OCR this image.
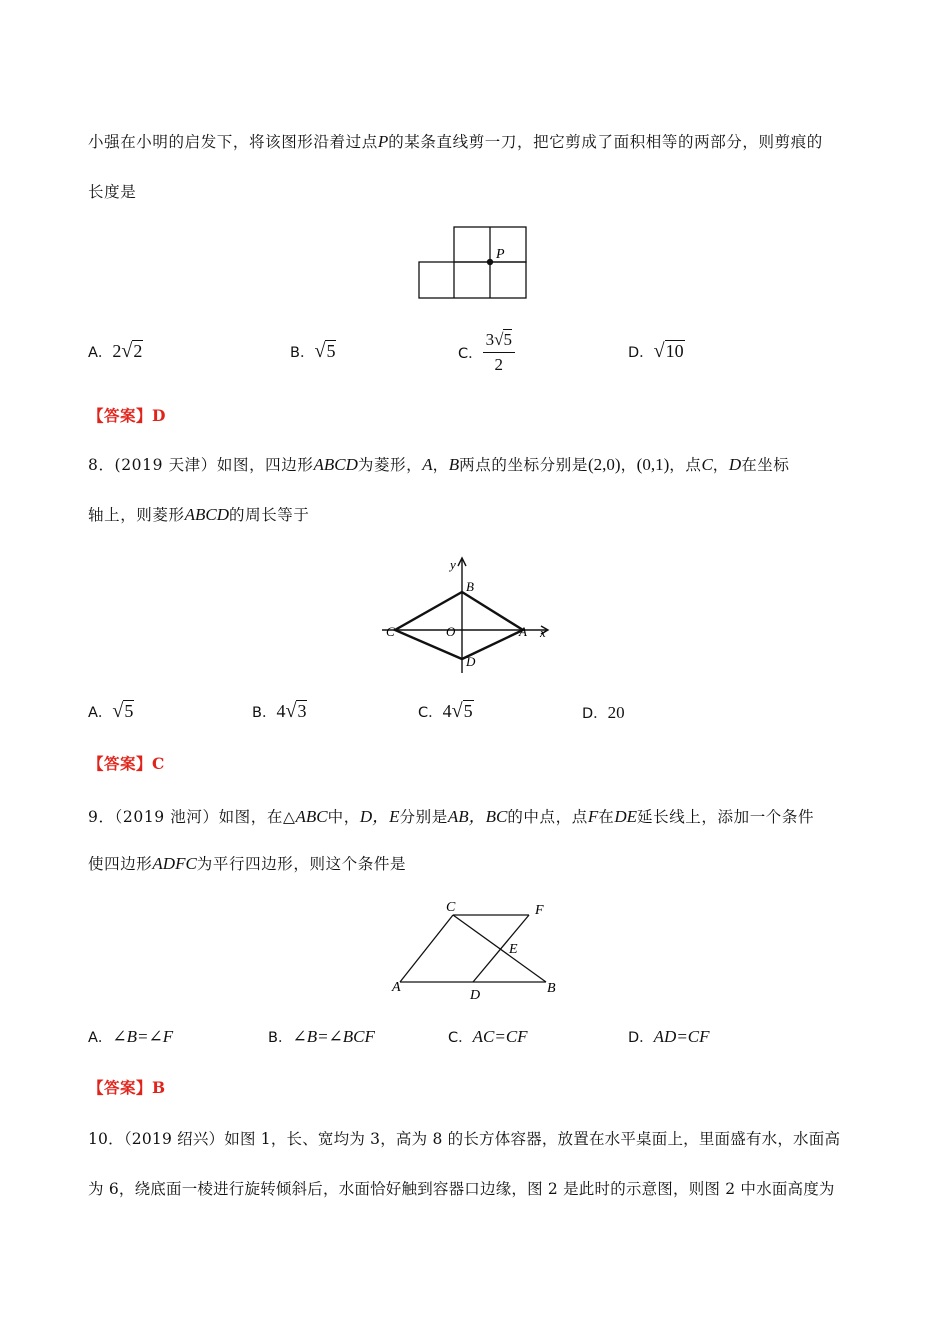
小强在小明的启发下，将该图形沿着过点P的某条直线剪一刀，把它剪成了面积相等的两部分，则剪痕的
长度是
P
A．2√2	B．√5	C． $\frac{3√5}{2}$	D．√10
【答案】D
8．(2019 天津）如图，四边形ABCD为菱形，A，B两点的坐标分别是(2,0)，(0,1)，点C，D在坐标
轴上，则菱形ABCD的周长等于
y
B
C	O	A x
D
A．√5	B．4√3	C．4√5	D．20
【答案】C
9．（2019 池河）如图，在△ABC中，D，E分别是AB，BC的中点，点F在DE延长线上，添加一个条件
使四边形ADFC为平行四边形，则这个条件是
C	F
E
A
D	B
A．∠B=∠F	B．∠B=∠BCF	C．AC=CF	D．AD=CF
【答案】B
10．（2019 绍兴）如图 1，长、宽均为 3，高为 8 的长方体容器，放置在水平桌面上，里面盛有水，水面高
为 6，绕底面一棱进行旋转倾斜后，水面恰好触到容器口边缘，图 2 是此时的示意图，则图 2 中水面高度为
